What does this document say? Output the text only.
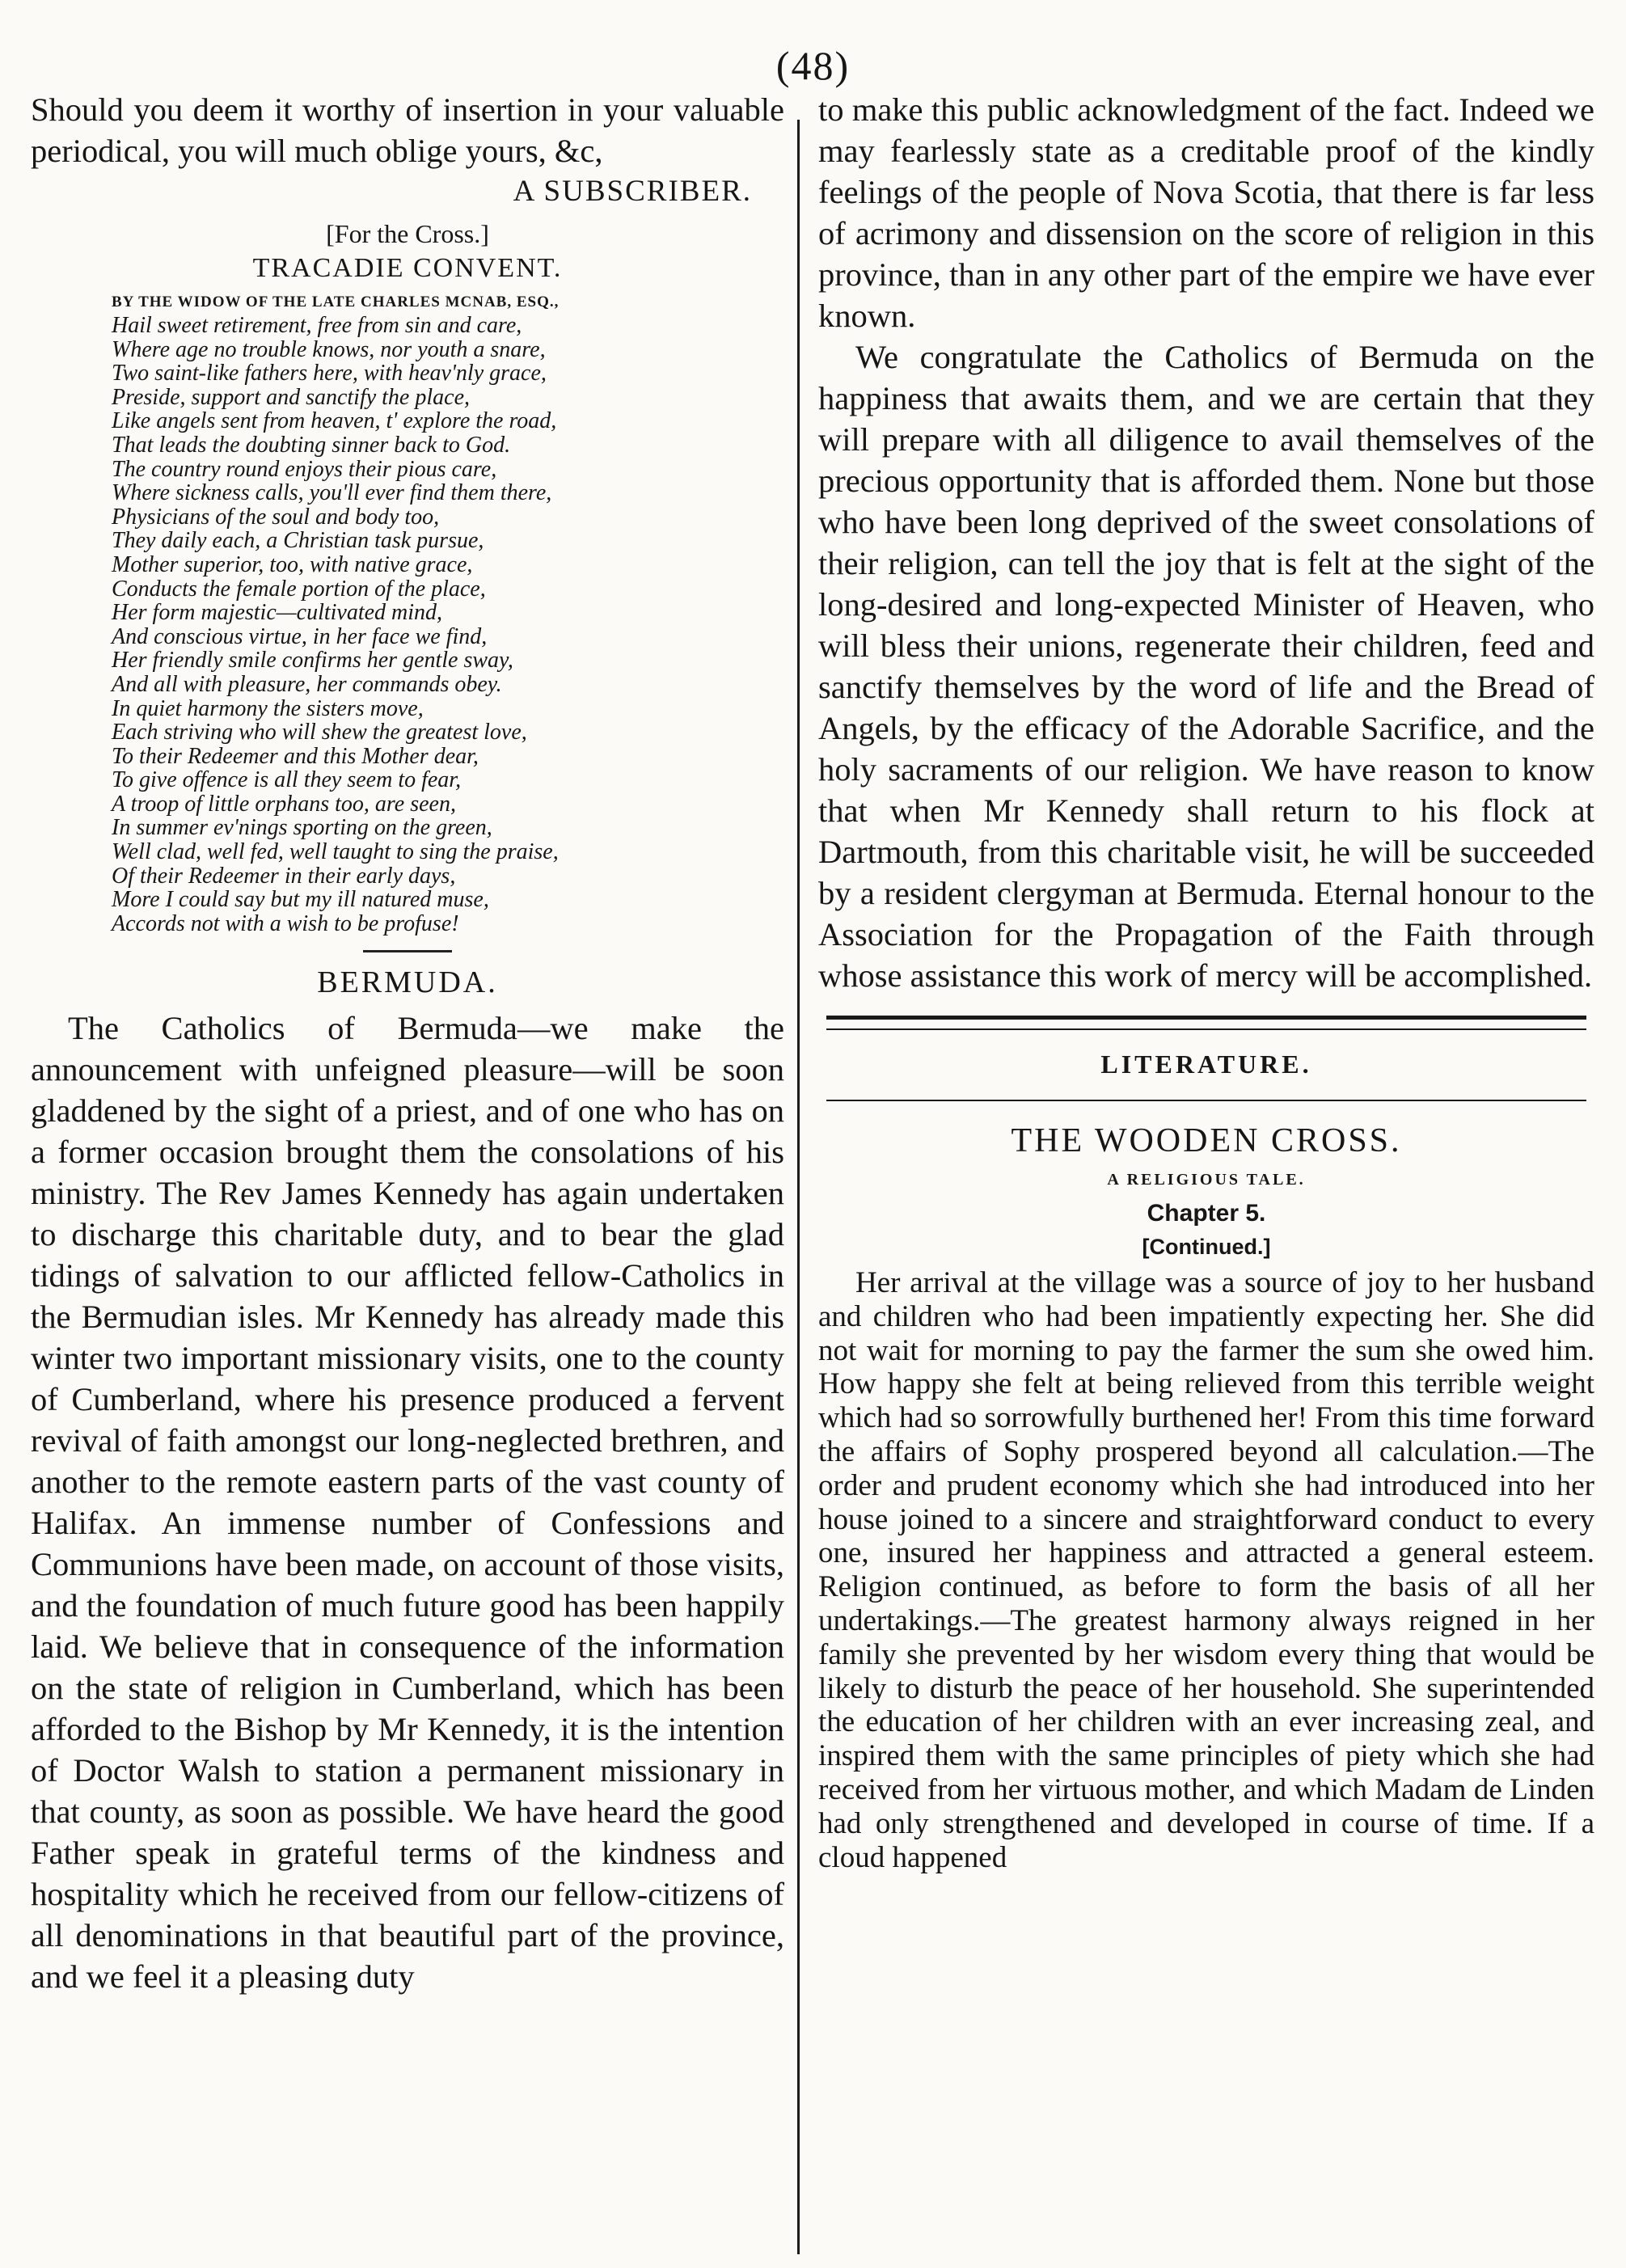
(48)

Should you deem it worthy of insertion in your valuable periodical, you will much oblige yours, &c,

A SUBSCRIBER.

[For the Cross.]

TRACADIE CONVENT.

BY THE WIDOW OF THE LATE CHARLES MCNAB, ESQ.,

Hail sweet retirement, free from sin and care,
Where age no trouble knows, nor youth a snare,
Two saint-like fathers here, with heav'nly grace,
Preside, support and sanctify the place,
Like angels sent from heaven, t' explore the road,
That leads the doubting sinner back to God.
The country round enjoys their pious care,
Where sickness calls, you'll ever find them there,
Physicians of the soul and body too,
They daily each, a Christian task pursue,
Mother superior, too, with native grace,
Conducts the female portion of the place,
Her form majestic—cultivated mind,
And conscious virtue, in her face we find,
Her friendly smile confirms her gentle sway,
And all with pleasure, her commands obey.
In quiet harmony the sisters move,
Each striving who will shew the greatest love,
To their Redeemer and this Mother dear,
To give offence is all they seem to fear,
A troop of little orphans too, are seen,
In summer ev'nings sporting on the green,
Well clad, well fed, well taught to sing the praise,
Of their Redeemer in their early days,
More I could say but my ill natured muse,
Accords not with a wish to be profuse!

BERMUDA.

The Catholics of Bermuda—we make the announcement with unfeigned pleasure—will be soon gladdened by the sight of a priest, and of one who has on a former occasion brought them the consolations of his ministry. The Rev James Kennedy has again undertaken to discharge this charitable duty, and to bear the glad tidings of salvation to our afflicted fellow-Catholics in the Bermudian isles. Mr Kennedy has already made this winter two important missionary visits, one to the county of Cumberland, where his presence produced a fervent revival of faith amongst our long-neglected brethren, and another to the remote eastern parts of the vast county of Halifax. An immense number of Confessions and Communions have been made, on account of those visits, and the foundation of much future good has been happily laid. We believe that in consequence of the information on the state of religion in Cumberland, which has been afforded to the Bishop by Mr Kennedy, it is the intention of Doctor Walsh to station a permanent missionary in that county, as soon as possible. We have heard the good Father speak in grateful terms of the kindness and hospitality which he received from our fellow-citizens of all denominations in that beautiful part of the province, and we feel it a pleasing duty

to make this public acknowledgment of the fact. Indeed we may fearlessly state as a creditable proof of the kindly feelings of the people of Nova Scotia, that there is far less of acrimony and dissension on the score of religion in this province, than in any other part of the empire we have ever known.

We congratulate the Catholics of Bermuda on the happiness that awaits them, and we are certain that they will prepare with all diligence to avail themselves of the precious opportunity that is afforded them. None but those who have been long deprived of the sweet consolations of their religion, can tell the joy that is felt at the sight of the long-desired and long-expected Minister of Heaven, who will bless their unions, regenerate their children, feed and sanctify themselves by the word of life and the Bread of Angels, by the efficacy of the Adorable Sacrifice, and the holy sacraments of our religion. We have reason to know that when Mr Kennedy shall return to his flock at Dartmouth, from this charitable visit, he will be succeeded by a resident clergyman at Bermuda. Eternal honour to the Association for the Propagation of the Faith through whose assistance this work of mercy will be accomplished.

LITERATURE.

THE WOODEN CROSS.

A RELIGIOUS TALE.

Chapter 5.

[Continued.]

Her arrival at the village was a source of joy to her husband and children who had been impatiently expecting her. She did not wait for morning to pay the farmer the sum she owed him. How happy she felt at being relieved from this terrible weight which had so sorrowfully burthened her! From this time forward the affairs of Sophy prospered beyond all calculation.—The order and prudent economy which she had introduced into her house joined to a sincere and straightforward conduct to every one, insured her happiness and attracted a general esteem. Religion continued, as before to form the basis of all her undertakings.—The greatest harmony always reigned in her family she prevented by her wisdom every thing that would be likely to disturb the peace of her household. She superintended the education of her children with an ever increasing zeal, and inspired them with the same principles of piety which she had received from her virtuous mother, and which Madam de Linden had only strengthened and developed in course of time. If a cloud happened
